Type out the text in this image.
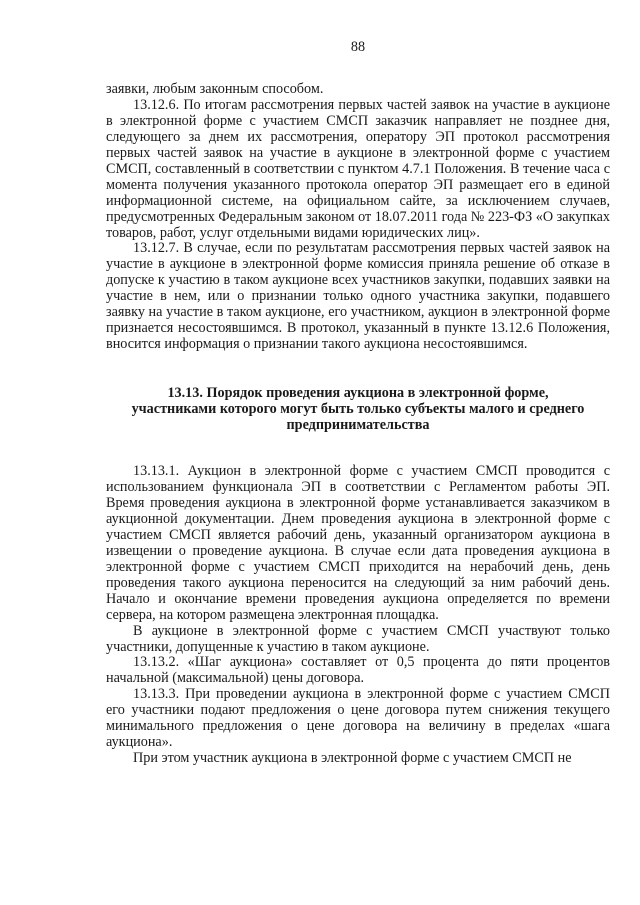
88

заявки, любым законным способом.

13.12.6. По итогам рассмотрения первых частей заявок на участие в аукционе в электронной форме с участием СМСП заказчик направляет не позднее дня, следующего за днем их рассмотрения, оператору ЭП протокол рассмотрения первых частей заявок на участие в аукционе в электронной форме с участием СМСП, составленный в соответствии с пунктом 4.7.1 Положения. В течение часа с момента получения указанного протокола оператор ЭП размещает его в единой информационной системе, на официальном сайте, за исключением случаев, предусмотренных Федеральным законом от 18.07.2011 года № 223-ФЗ «О закупках товаров, работ, услуг отдельными видами юридических лиц».

13.12.7. В случае, если по результатам рассмотрения первых частей заявок на участие в аукционе в электронной форме комиссия приняла решение об отказе в допуске к участию в таком аукционе всех участников закупки, подавших заявки на участие в нем, или о признании только одного участника закупки, подавшего заявку на участие в таком аукционе, его участником, аукцион в электронной форме признается несостоявшимся. В протокол, указанный в пункте 13.12.6 Положения, вносится информация о признании такого аукциона несостоявшимся.

13.13. Порядок проведения аукциона в электронной форме,
участниками которого могут быть только субъекты малого и среднего
предпринимательства

13.13.1. Аукцион в электронной форме с участием СМСП проводится с использованием функционала ЭП в соответствии с Регламентом работы ЭП. Время проведения аукциона в электронной форме устанавливается заказчиком в аукционной документации. Днем проведения аукциона в электронной форме с участием СМСП является рабочий день, указанный организатором аукциона в извещении о проведение аукциона. В случае если дата проведения аукциона в электронной форме с участием СМСП приходится на нерабочий день, день проведения такого аукциона переносится на следующий за ним рабочий день. Начало и окончание времени проведения аукциона определяется по времени сервера, на котором размещена электронная площадка.

В аукционе в электронной форме с участием СМСП участвуют только участники, допущенные к участию в таком аукционе.

13.13.2. «Шаг аукциона» составляет от 0,5 процента до пяти процентов начальной (максимальной) цены договора.

13.13.3. При проведении аукциона в электронной форме с участием СМСП его участники подают предложения о цене договора путем снижения текущего минимального предложения о цене договора на величину в пределах «шага аукциона».

При этом участник аукциона в электронной форме с участием СМСП не
